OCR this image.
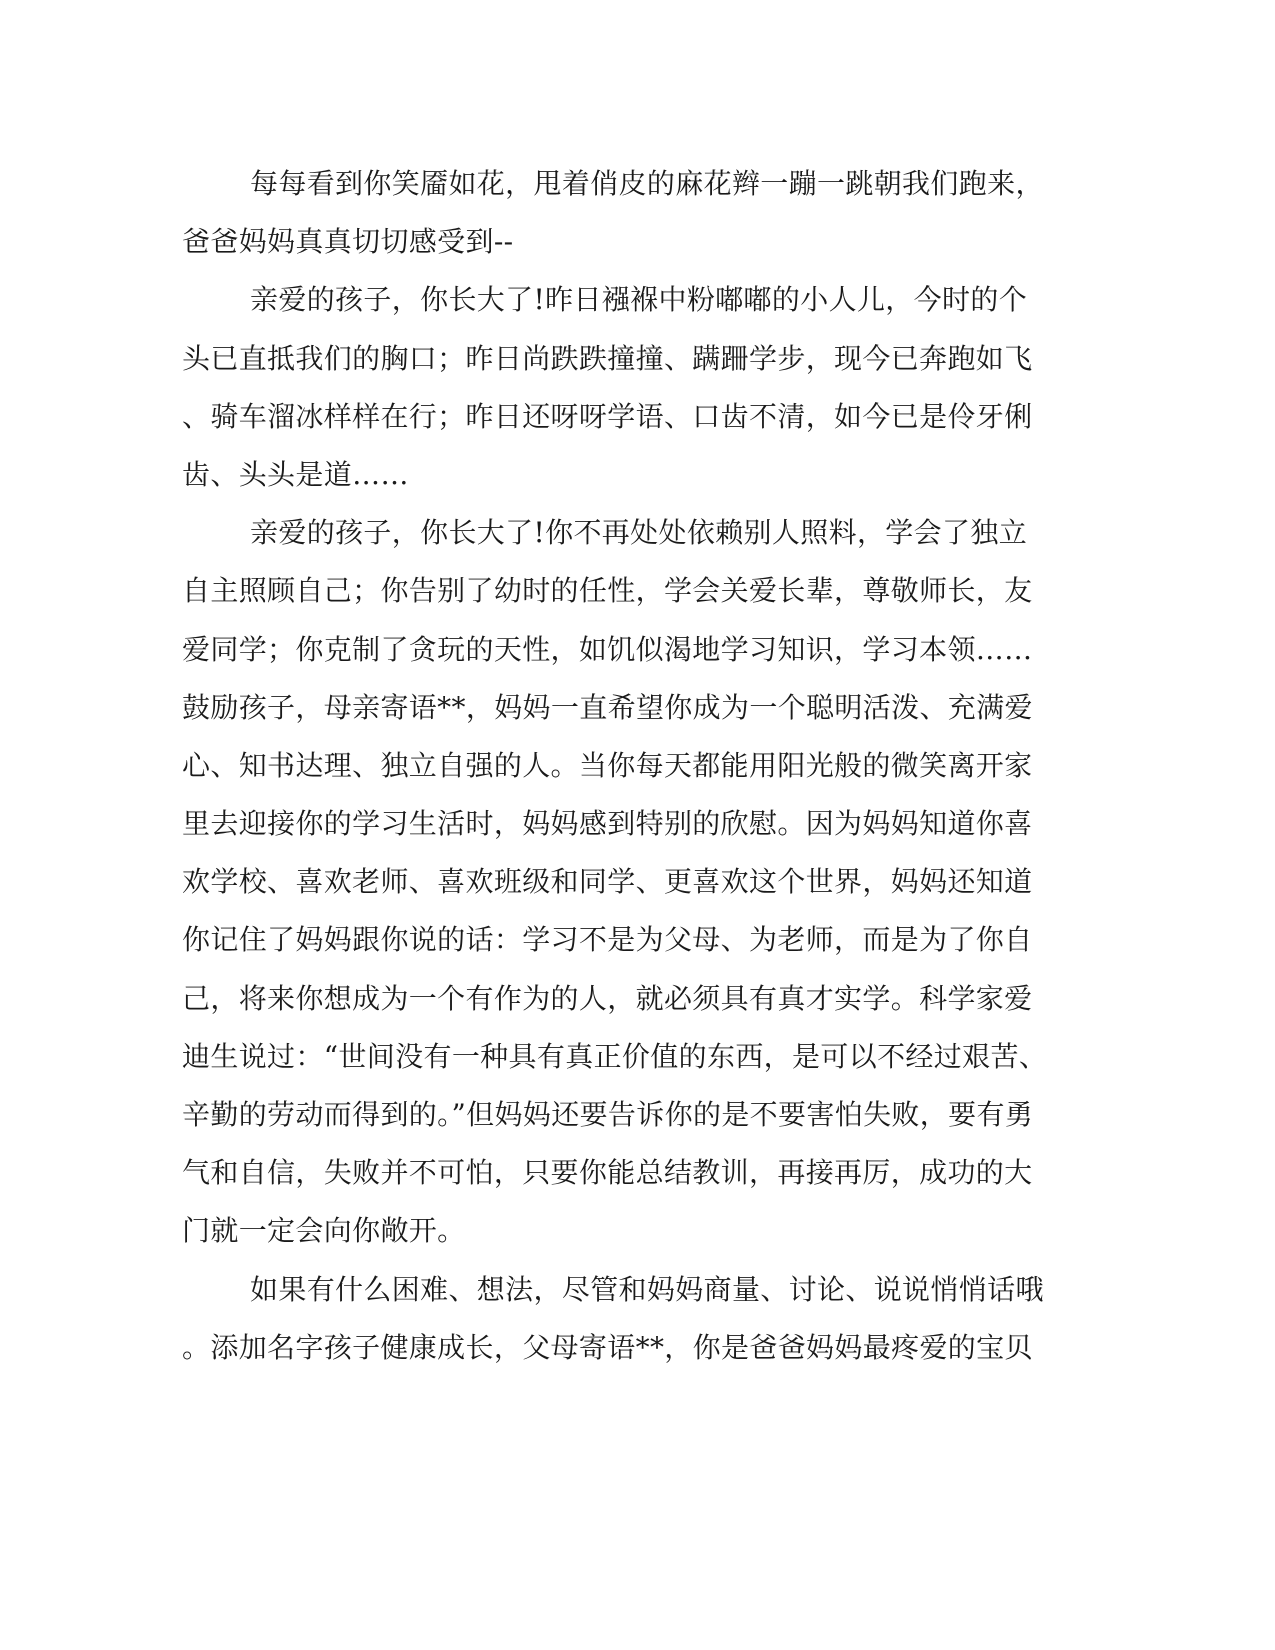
每每看到你笑靥如花，甩着俏皮的麻花辫一蹦一跳朝我们跑来，
爸爸妈妈真真切切感受到--
亲爱的孩子，你长大了!昨日襁褓中粉嘟嘟的小人儿，今时的个
头已直抵我们的胸口；昨日尚跌跌撞撞、蹒跚学步，现今已奔跑如飞
、骑车溜冰样样在行；昨日还呀呀学语、口齿不清，如今已是伶牙俐
齿、头头是道……
亲爱的孩子，你长大了!你不再处处依赖别人照料，学会了独立
自主照顾自己；你告别了幼时的任性，学会关爱长辈，尊敬师长，友
爱同学；你克制了贪玩的天性，如饥似渴地学习知识，学习本领……
鼓励孩子，母亲寄语**，妈妈一直希望你成为一个聪明活泼、充满爱
心、知书达理、独立自强的人。当你每天都能用阳光般的微笑离开家
里去迎接你的学习生活时，妈妈感到特别的欣慰。因为妈妈知道你喜
欢学校、喜欢老师、喜欢班级和同学、更喜欢这个世界，妈妈还知道
你记住了妈妈跟你说的话：学习不是为父母、为老师，而是为了你自
己，将来你想成为一个有作为的人，就必须具有真才实学。科学家爱
迪生说过：“世间没有一种具有真正价值的东西，是可以不经过艰苦、
辛勤的劳动而得到的。”但妈妈还要告诉你的是不要害怕失败，要有勇
气和自信，失败并不可怕，只要你能总结教训，再接再厉，成功的大
门就一定会向你敞开。
如果有什么困难、想法，尽管和妈妈商量、讨论、说说悄悄话哦
。添加名字孩子健康成长，父母寄语**，你是爸爸妈妈最疼爱的宝贝
